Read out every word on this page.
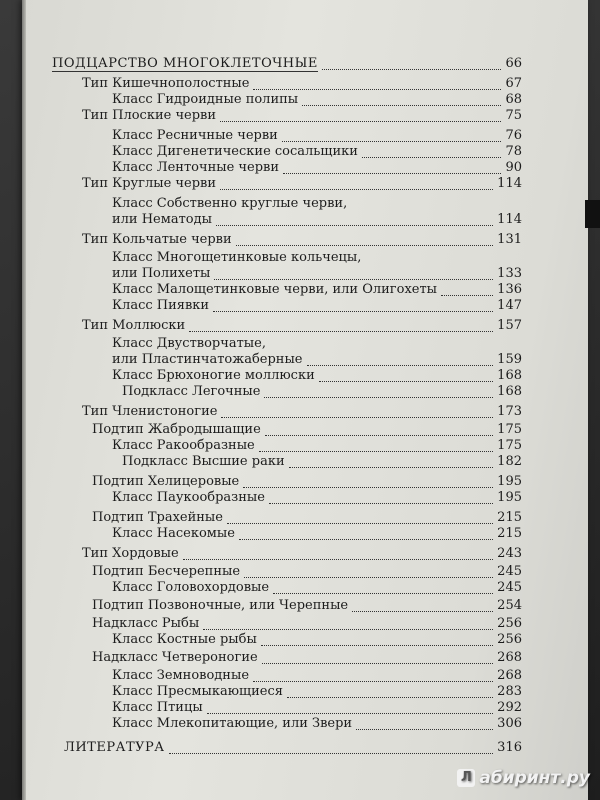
ПОДЦАРСТВО МНОГОКЛЕТОЧНЫЕ	66
Тип Кишечнополостные	67
Класс Гидроидные полипы	68
Тип Плоские черви	75
Класс Ресничные черви	76
Класс Дигенетические сосальщики	78
Класс Ленточные черви	90
Тип Круглые черви	114
Класс Собственно круглые черви,
или Нематоды	114
Тип Кольчатые черви	131
Класс Многощетинковые кольчецы,
или Полихеты	133
Класс Малощетинковые черви, или Олигохеты	136
Класс Пиявки	147
Тип Моллюски	157
Класс Двустворчатые,
или Пластинчатожаберные	159
Класс Брюхоногие моллюски	168
Подкласс Легочные	168
Тип Членистоногие	173
Подтип Жабродышащие	175
Класс Ракообразные	175
Подкласс Высшие раки	182
Подтип Хелицеровые	195
Класс Паукообразные	195
Подтип Трахейные	215
Класс Насекомые	215
Тип Хордовые	243
Подтип Бесчерепные	245
Класс Головохордовые	245
Подтип Позвоночные, или Черепные	254
Надкласс Рыбы	256
Класс Костные рыбы	256
Надкласс Четвероногие	268
Класс Земноводные	268
Класс Пресмыкающиеся	283
Класс Птицы	292
Класс Млекопитающие, или Звери	306
ЛИТЕРАТУРА	316
Л абиринт.ру
